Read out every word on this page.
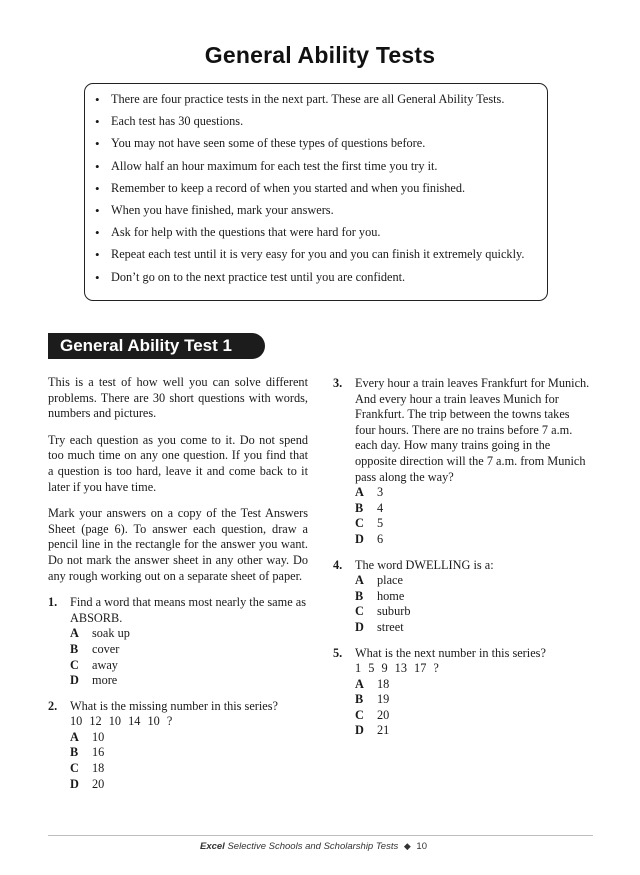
General Ability Tests
• There are four practice tests in the next part. These are all General Ability Tests.
• Each test has 30 questions.
• You may not have seen some of these types of questions before.
• Allow half an hour maximum for each test the first time you try it.
• Remember to keep a record of when you started and when you finished.
• When you have finished, mark your answers.
• Ask for help with the questions that were hard for you.
• Repeat each test until it is very easy for you and you can finish it extremely quickly.
• Don’t go on to the next practice test until you are confident.
General Ability Test 1

This is a test of how well you can solve different problems. There are 30 short questions with words, numbers and pictures.

Try each question as you come to it. Do not spend too much time on any one question. If you find that a question is too hard, leave it and come back to it later if you have time.

Mark your answers on a copy of the Test Answers Sheet (page 6). To answer each question, draw a pencil line in the rectangle for the answer you want. Do not mark the answer sheet in any other way. Do any rough working out on a separate sheet of paper.

1. Find a word that means most nearly the same as ABSORB.
A soak up
B cover
C away
D more
2. What is the missing number in this series?
10 12 10 14 10 ?
A 10
B 16
C 18
D 20
3. Every hour a train leaves Frankfurt for Munich. And every hour a train leaves Munich for Frankfurt. The trip between the towns takes four hours. There are no trains before 7 a.m. each day. How many trains going in the opposite direction will the 7 a.m. from Munich pass along the way?
A 3
B 4
C 5
D 6
4. The word DWELLING is a:
A place
B home
C suburb
D street
5. What is the next number in this series?
1 5 9 13 17 ?
A 18
B 19
C 20
D 21
Excel Selective Schools and Scholarship Tests ◆ 10
